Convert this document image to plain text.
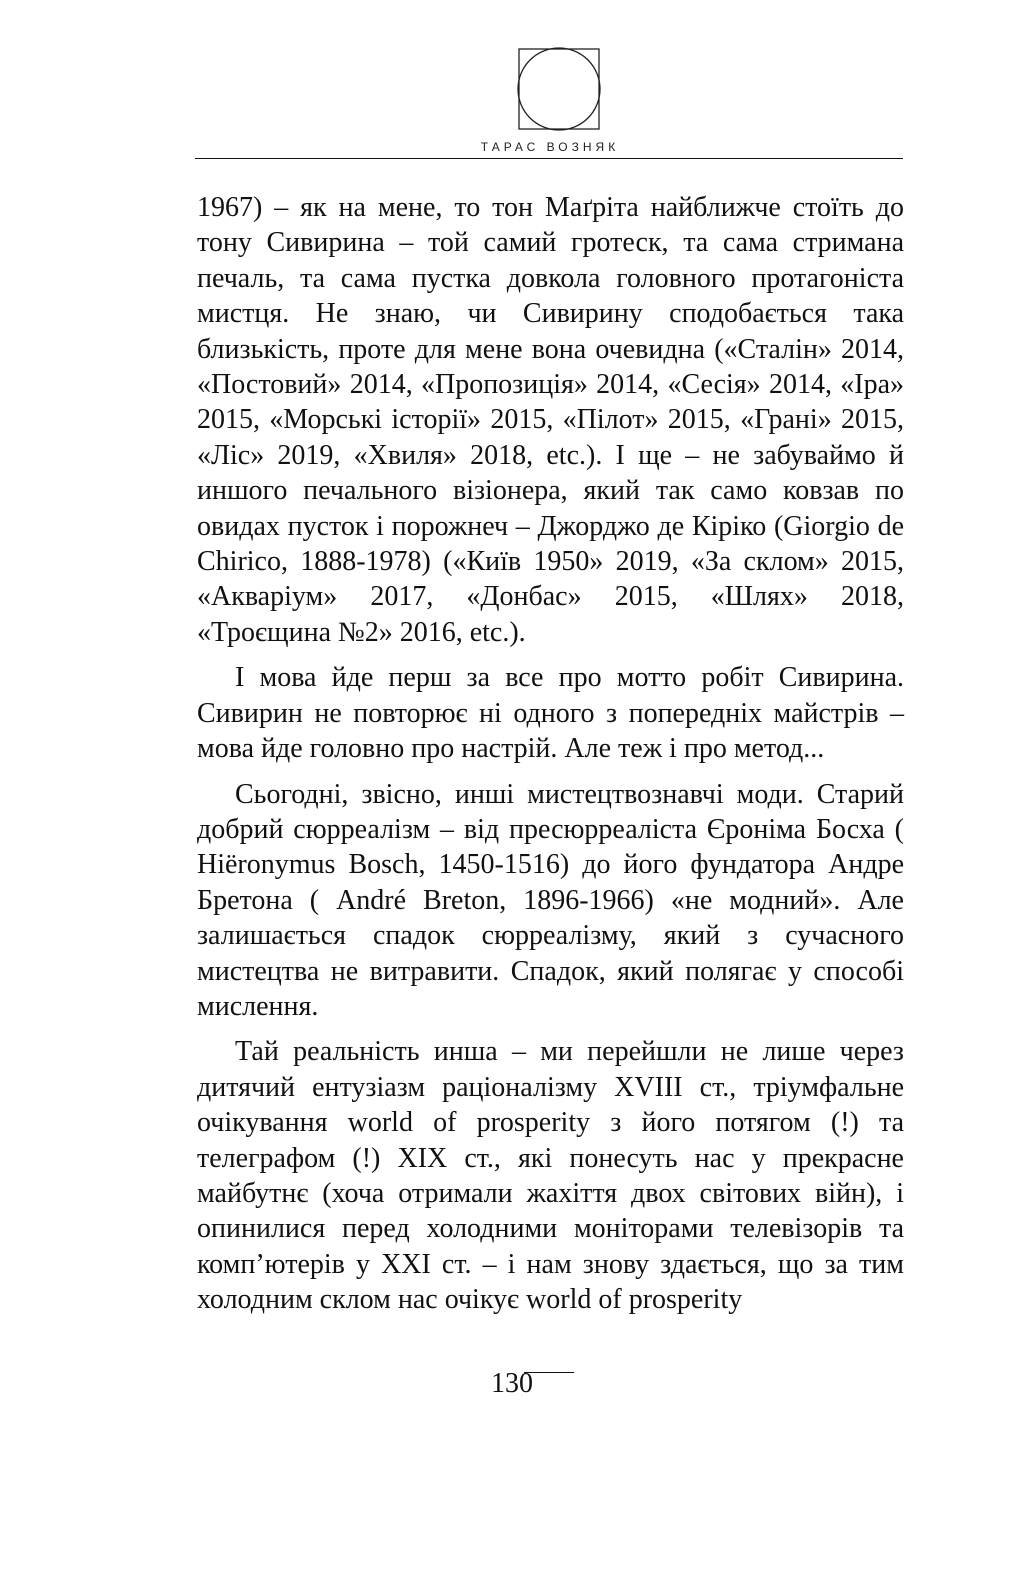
ТАРАС ВОЗНЯК

1967) – як на мене, то тон Маґріта найближче стоїть до тону Сивирина – той самий гротеск, та сама стримана печаль, та сама пустка довкола головного протагоніста мистця. Не знаю, чи Сивирину сподобається така близькість, проте для мене вона очевидна («Сталін» 2014, «Постовий» 2014, «Пропозиція» 2014, «Сесія» 2014, «Іра» 2015, «Морські історії» 2015, «Пілот» 2015, «Грані» 2015, «Ліс» 2019, «Хвиля» 2018, etc.). І ще – не забуваймо й иншого печального візіонера, який так само ковзав по овидах пусток і порожнеч – Джорджо де Кіріко (Giorgio de Chirico, 1888-1978) («Київ 1950» 2019, «За склом» 2015, «Акваріум» 2017, «Донбас» 2015, «Шлях» 2018, «Троєщина №2» 2016, etc.).

І мова йде перш за все про мотто робіт Сивирина. Сивирин не повторює ні одного з попередніх майстрів – мова йде головно про настрій. Але теж і про метод...

Сьогодні, звісно, инші мистецтвознавчі моди. Старий добрий сюрреалізм – від пресюрреаліста Єроніма Босха ( Hiëronymus Bosch, 1450-1516) до його фундатора Андре Бретона ( André Breton, 1896-1966) «не модний». Але залишається спадок сюрреалізму, який з сучасного мистецтва не витравити. Спадок, який полягає у способі мислення.

Тай реальність инша – ми перейшли не лише через дитячий ентузіазм раціоналізму XVIII ст., тріумфальне очікування world of prosperity з його потягом (!) та телеграфом (!) XIX ст., які понесуть нас у прекрасне майбутнє (хоча отримали жахіття двох світових війн), і опинилися перед холодними моніторами телевізорів та комп’ютерів у XXI ст. – і нам знову здається, що за тим холодним склом нас очікує world of prosperity

130
